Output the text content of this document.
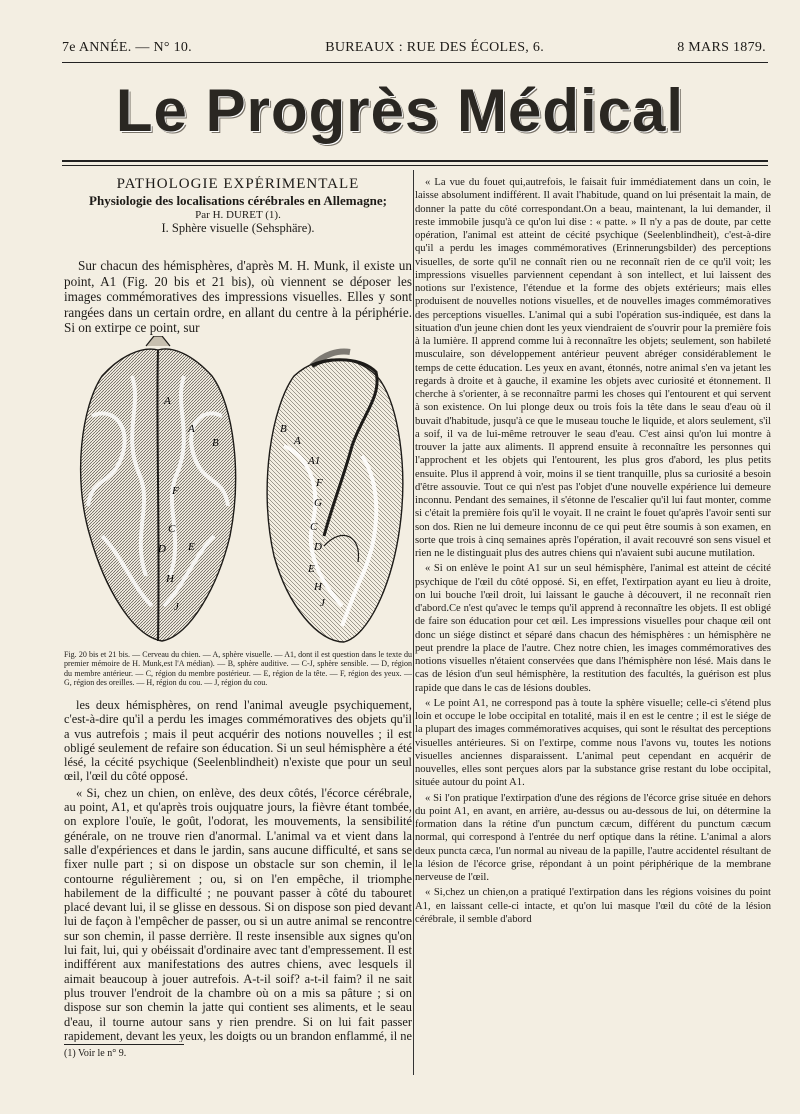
7e ANNÉE. — N° 10.	BUREAUX : RUE DES ÉCOLES, 6.	8 MARS 1879.
Le Progrès Médical
PATHOLOGIE EXPÉRIMENTALE
Physiologie des localisations cérébrales en Allemagne;
Par H. DURET (1).
I. Sphère visuelle (Sehsphäre).

Sur chacun des hémisphères, d'après M. H. Munk, il existe un point, A1 (Fig. 20 bis et 21 bis), où viennent se déposer les images commémoratives des impressions visuelles. Elles y sont rangées dans un certain ordre, en allant du centre à la périphérie. Si on extirpe ce point, sur

A
A
B
F
C
D E
H
J
B
A
A1
F
G
C
D
E
H
J
Fig. 20 bis et 21 bis. — Cerveau du chien. — A, sphère visuelle. — A1, dont il est question dans le texte du premier mémoire de H. Munk,est l'A médian). — B, sphère auditive. — C-J, sphère sensible. — D, région du membre antérieur. — C, région du membre postérieur. — E, région de la tête. — F, région des yeux. — G, région des oreilles. — H, région du cou. — J, région du cou.

les deux hémisphères, on rend l'animal aveugle psychiquement, c'est-à-dire qu'il a perdu les images commémoratives des objets qu'il a vus autrefois ; mais il peut acquérir des notions nouvelles ; il est obligé seulement de refaire son éducation. Si un seul hémisphère a été lésé, la cécité psychique (Seelenblindheit) n'existe que pour un seul œil, l'œil du côté opposé.

« Si, chez un chien, on enlève, des deux côtés, l'écorce cérébrale, au point, A1, et qu'après trois oujquatre jours, la fièvre étant tombée, on explore l'ouïe, le goût, l'odorat, les mouvements, la sensibilité générale, on ne trouve rien d'anormal. L'animal va et vient dans la salle d'expériences et dans le jardin, sans aucune difficulté, et sans se fixer nulle part ; si on dispose un obstacle sur son chemin, il le contourne régulièrement ; ou, si on l'en empêche, il triomphe habilement de la difficulté ; ne pouvant passer à côté du tabouret placé devant lui, il se glisse en dessous. Si on dispose son pied devant lui de façon à l'empêcher de passer, ou si un autre animal se rencontre sur son chemin, il passe derrière. Il reste insensible aux signes qu'on lui fait, lui, qui y obéissait d'ordinaire avec tant d'empressement. Il est indifférent aux manifestations des autres chiens, avec lesquels il aimait beaucoup à jouer autrefois. A-t-il soif? a-t-il faim? il ne sait plus trouver l'endroit de la chambre où on a mis sa pâture ; si on dispose sur son chemin la jatte qui contient ses aliments, et le seau d'eau, il tourne autour sans y rien prendre. Si on lui fait passer rapidement, devant les yeux, les doigts ou un brandon enflammé, il ne

(1) Voir le n° 9.

« La vue du fouet qui,autrefois, le faisait fuir immédiatement dans un coin, le laisse absolument indifférent. Il avait l'habitude, quand on lui présentait la main, de donner la patte du côté correspondant.On a beau, maintenant, la lui demander, il reste immobile jusqu'à ce qu'on lui dise : « patte. » Il n'y a pas de doute, par cette opération, l'animal est atteint de cécité psychique (Seelenblindheit), c'est-à-dire qu'il a perdu les images commémoratives (Erinnerungsbilder) des perceptions visuelles, de sorte qu'il ne connaît rien ou ne reconnaît rien de ce qu'il voit; les impressions visuelles parviennent cependant à son intellect, et lui laissent des notions sur l'existence, l'étendue et la forme des objets extérieurs; mais elles produisent de nouvelles notions visuelles, et de nouvelles images commémoratives des perceptions visuelles. L'animal qui a subi l'opération sus-indiquée, est dans la situation d'un jeune chien dont les yeux viendraient de s'ouvrir pour la première fois à la lumière. Il apprend comme lui à reconnaître les objets; seulement, son habileté musculaire, son développement antérieur peuvent abréger considérablement le temps de cette éducation. Les yeux en avant, étonnés, notre animal s'en va jetant les regards à droite et à gauche, il examine les objets avec curiosité et étonnement. Il cherche à s'orienter, à se reconnaître parmi les choses qui l'entourent et qui servent à son existence. On lui plonge deux ou trois fois la tête dans le seau d'eau où il buvait d'habitude, jusqu'à ce que le museau touche le liquide, et alors seulement, s'il a soif, il va de lui-même retrouver le seau d'eau. C'est ainsi qu'on lui montre à trouver la jatte aux aliments. Il apprend ensuite à reconnaître les personnes qui l'approchent et les objets qui l'entourent, les plus gros d'abord, les plus petits ensuite. Plus il apprend à voir, moins il se tient tranquille, plus sa curiosité a besoin d'être assouvie. Tout ce qui n'est pas l'objet d'une nouvelle expérience lui demeure inconnu. Pendant des semaines, il s'étonne de l'escalier qu'il lui faut monter, comme si c'était la première fois qu'il le voyait. Il ne craint le fouet qu'après l'avoir senti sur son dos. Rien ne lui demeure inconnu de ce qui peut être soumis à son examen, en sorte que trois à cinq semaines après l'opération, il avait recouvré son sens visuel et rien ne le distinguait plus des autres chiens qui n'avaient subi aucune mutilation.

« Si on enlève le point A1 sur un seul hémisphère, l'animal est atteint de cécité psychique de l'œil du côté opposé. Si, en effet, l'extirpation ayant eu lieu à droite, on lui bouche l'œil droit, lui laissant le gauche à découvert, il ne reconnaît rien d'abord.Ce n'est qu'avec le temps qu'il apprend à reconnaître les objets. Il est obligé de faire son éducation pour cet œil. Les impressions visuelles pour chaque œil ont donc un siége distinct et séparé dans chacun des hémisphères : un hémisphère ne peut prendre la place de l'autre. Chez notre chien, les images commémoratives des notions visuelles n'étaient conservées que dans l'hémisphère non lésé. Mais dans le cas de lésion d'un seul hémisphère, la restitution des facultés, la guérison est plus rapide que dans le cas de lésions doubles.

« Le point A1, ne correspond pas à toute la sphère visuelle; celle-ci s'étend plus loin et occupe le lobe occipital en totalité, mais il en est le centre ; il est le siége de la plupart des images commémoratives acquises, qui sont le résultat des perceptions visuelles antérieures. Si on l'extirpe, comme nous l'avons vu, toutes les notions visuelles anciennes disparaissent. L'animal peut cependant en acquérir de nouvelles, elles sont perçues alors par la substance grise restant du lobe occipital, située autour du point A1.

« Si l'on pratique l'extirpation d'une des régions de l'écorce grise située en dehors du point A1, en avant, en arrière, au-dessus ou au-dessous de lui, on détermine la formation dans la rétine d'un punctum cæcum, différent du punctum cæcum normal, qui correspond à l'entrée du nerf optique dans la rétine. L'animal a alors deux puncta cæca, l'un normal au niveau de la papille, l'autre accidentel résultant de la lésion de l'écorce grise, répondant à un point périphérique de la membrane nerveuse de l'œil.

« Si,chez un chien,on a pratiqué l'extirpation dans les régions voisines du point A1, en laissant celle-ci intacte, et qu'on lui masque l'œil du côté de la lésion cérébrale, il semble d'abord
